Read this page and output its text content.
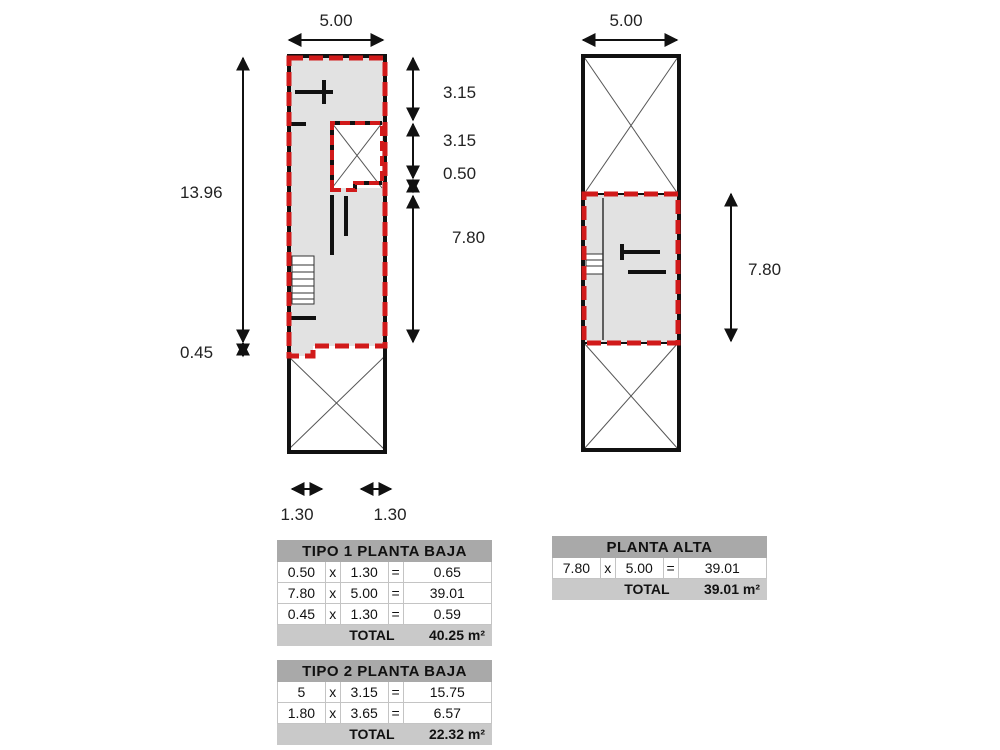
5.00
13.96
3.15
3.15
0.50
7.80
0.45
1.30	1.30
5.00
7.80
TIPO 1 PLANTA BAJA				
0.50	x	1.30	=	0.65
7.80	x	5.00	=	39.01
0.45	x	1.30	=	0.59
TOTAL				40.25 m²
TIPO 2 PLANTA BAJA				
5	x	3.15	=	15.75
1.80	x	3.65	=	6.57
TOTAL				22.32 m²
PLANTA ALTA				
7.80	x	5.00	=	39.01
TOTAL				39.01 m²
